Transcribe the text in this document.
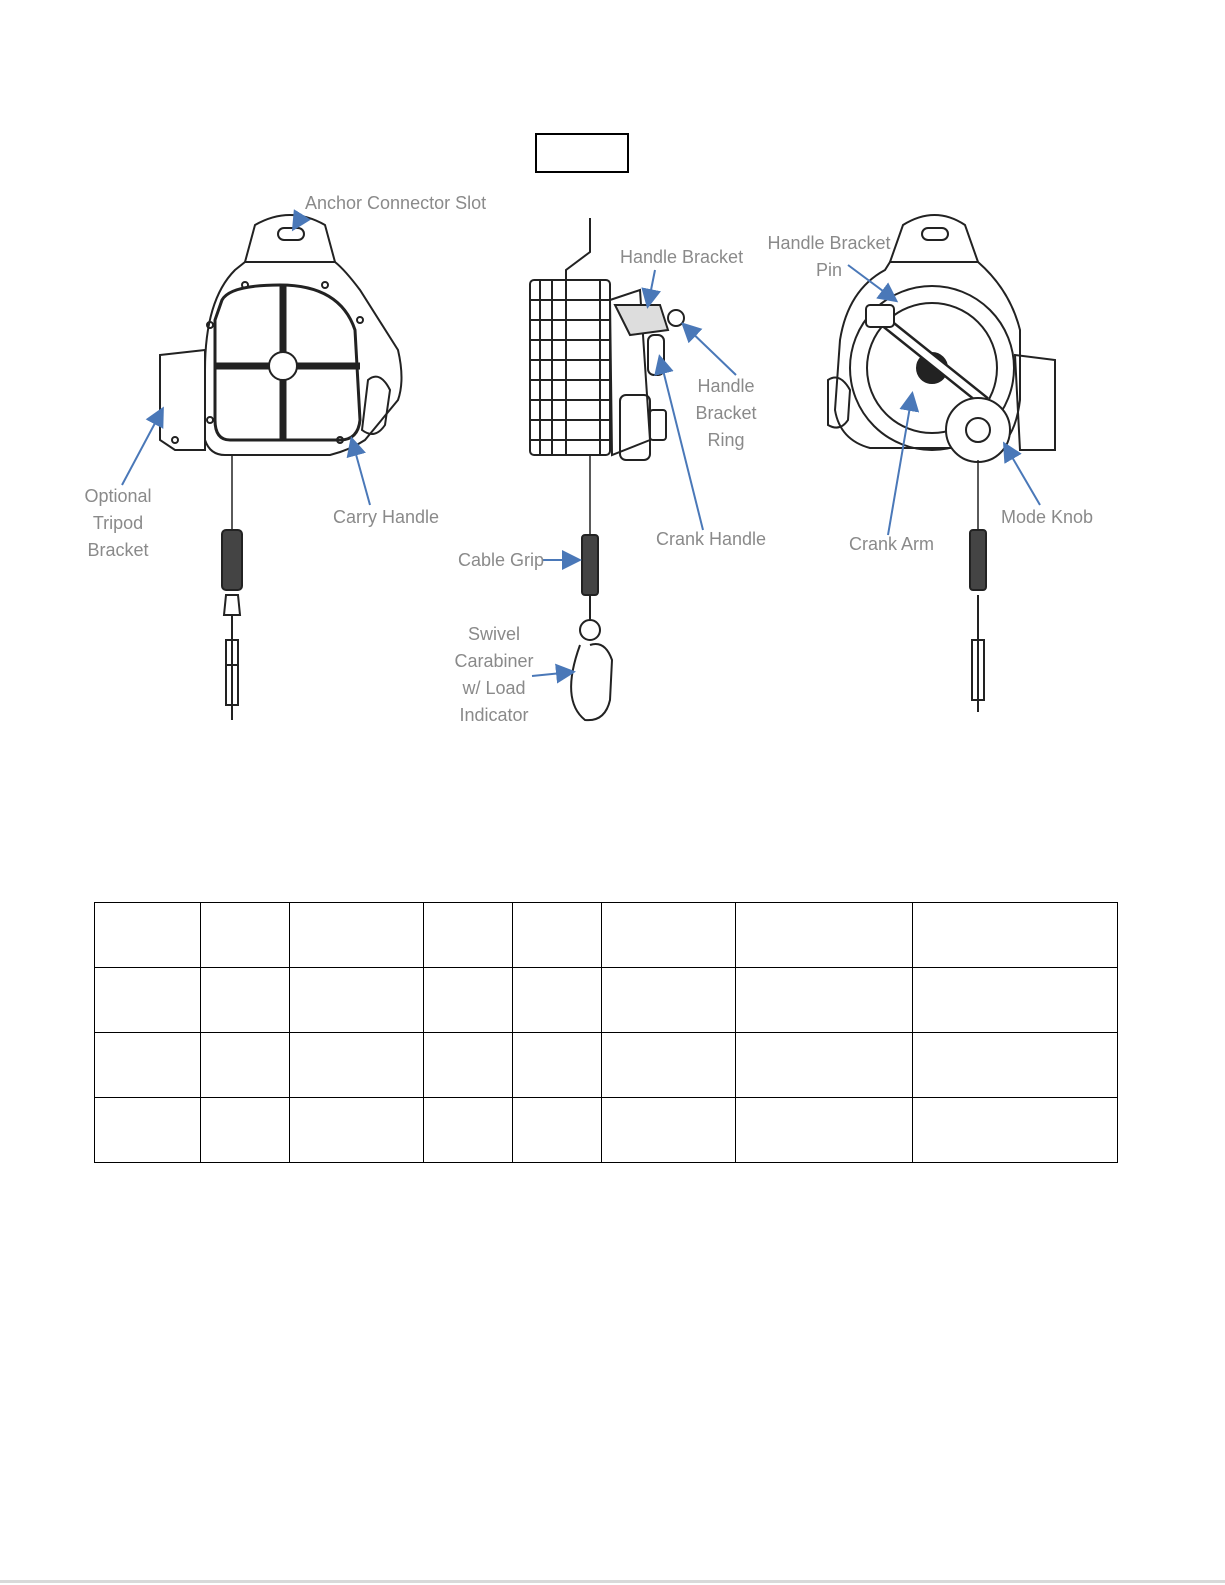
Anchor Connector Slot
Optional
Tripod
Bracket
Carry Handle
Handle Bracket
Handle
Bracket
Ring
Crank Handle
Cable Grip
Swivel
Carabiner
w/ Load
Indicator
Handle Bracket
Pin
Mode Knob
Crank Arm
